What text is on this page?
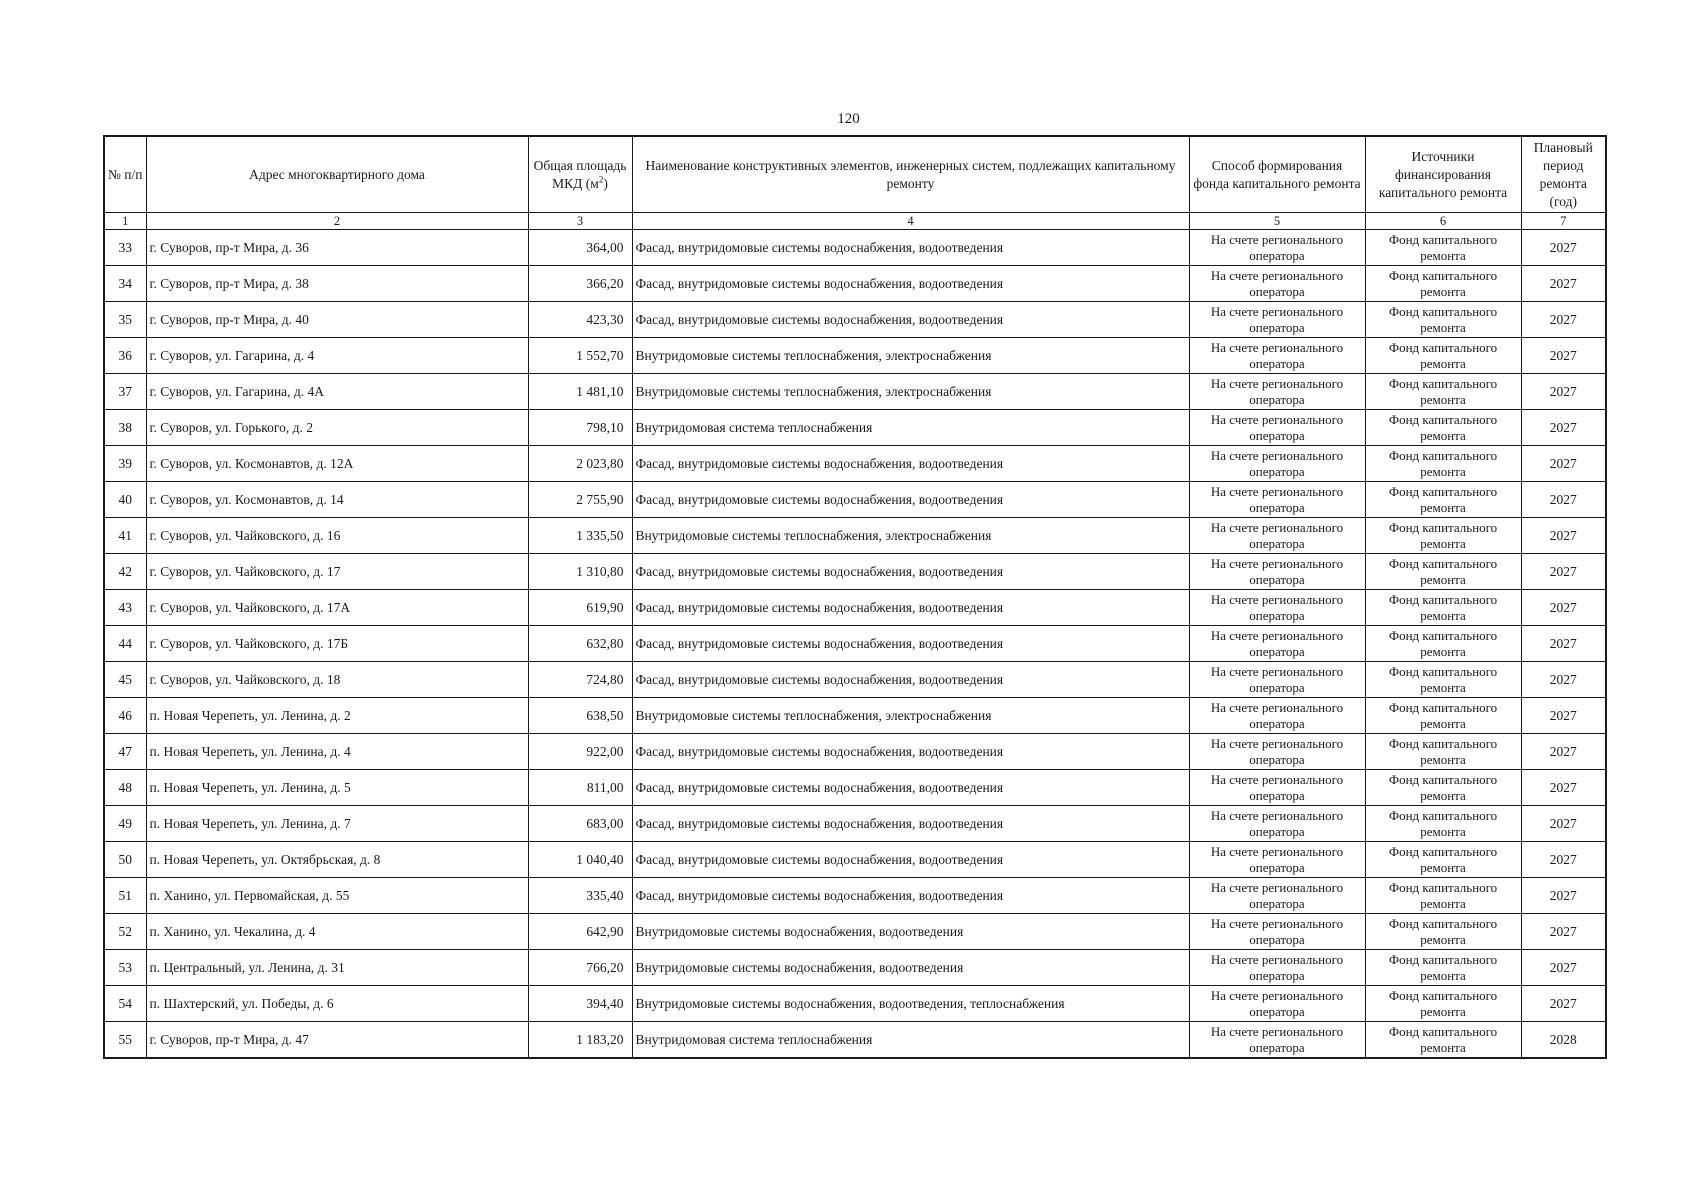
120
№ п/п	Адрес многоквартирного дома	Общая площадь МКД $(м^2)$	Наименование конструктивных элементов, инженерных систем, подлежащих капитальному ремонту	Способ формирования фонда капитального ремонта	Источники финансирования капитального ремонта	Плановый период ремонта (год)
1	2	3	4	5	6	7
33	г. Суворов, пр-т Мира, д. 36	364,00	Фасад, внутридомовые системы водоснабжения, водоотведения	На счете регионального оператора	Фонд капитального ремонта	2027
34	г. Суворов, пр-т Мира, д. 38	366,20	Фасад, внутридомовые системы водоснабжения, водоотведения	На счете регионального оператора	Фонд капитального ремонта	2027
35	г. Суворов, пр-т Мира, д. 40	423,30	Фасад, внутридомовые системы водоснабжения, водоотведения	На счете регионального оператора	Фонд капитального ремонта	2027
36	г. Суворов, ул. Гагарина, д. 4	1 552,70	Внутридомовые системы теплоснабжения, электроснабжения	На счете регионального оператора	Фонд капитального ремонта	2027
37	г. Суворов, ул. Гагарина, д. 4А	1 481,10	Внутридомовые системы теплоснабжения, электроснабжения	На счете регионального оператора	Фонд капитального ремонта	2027
38	г. Суворов, ул. Горького, д. 2	798,10	Внутридомовая система теплоснабжения	На счете регионального оператора	Фонд капитального ремонта	2027
39	г. Суворов, ул. Космонавтов, д. 12А	2 023,80	Фасад, внутридомовые системы водоснабжения, водоотведения	На счете регионального оператора	Фонд капитального ремонта	2027
40	г. Суворов, ул. Космонавтов, д. 14	2 755,90	Фасад, внутридомовые системы водоснабжения, водоотведения	На счете регионального оператора	Фонд капитального ремонта	2027
41	г. Суворов, ул. Чайковского, д. 16	1 335,50	Внутридомовые системы теплоснабжения, электроснабжения	На счете регионального оператора	Фонд капитального ремонта	2027
42	г. Суворов, ул. Чайковского, д. 17	1 310,80	Фасад, внутридомовые системы водоснабжения, водоотведения	На счете регионального оператора	Фонд капитального ремонта	2027
43	г. Суворов, ул. Чайковского, д. 17А	619,90	Фасад, внутридомовые системы водоснабжения, водоотведения	На счете регионального оператора	Фонд капитального ремонта	2027
44	г. Суворов, ул. Чайковского, д. 17Б	632,80	Фасад, внутридомовые системы водоснабжения, водоотведения	На счете регионального оператора	Фонд капитального ремонта	2027
45	г. Суворов, ул. Чайковского, д. 18	724,80	Фасад, внутридомовые системы водоснабжения, водоотведения	На счете регионального оператора	Фонд капитального ремонта	2027
46	п. Новая Черепеть, ул. Ленина, д. 2	638,50	Внутридомовые системы теплоснабжения, электроснабжения	На счете регионального оператора	Фонд капитального ремонта	2027
47	п. Новая Черепеть, ул. Ленина, д. 4	922,00	Фасад, внутридомовые системы водоснабжения, водоотведения	На счете регионального оператора	Фонд капитального ремонта	2027
48	п. Новая Черепеть, ул. Ленина, д. 5	811,00	Фасад, внутридомовые системы водоснабжения, водоотведения	На счете регионального оператора	Фонд капитального ремонта	2027
49	п. Новая Черепеть, ул. Ленина, д. 7	683,00	Фасад, внутридомовые системы водоснабжения, водоотведения	На счете регионального оператора	Фонд капитального ремонта	2027
50	п. Новая Черепеть, ул. Октябрьская, д. 8	1 040,40	Фасад, внутридомовые системы водоснабжения, водоотведения	На счете регионального оператора	Фонд капитального ремонта	2027
51	п. Ханино, ул. Первомайская, д. 55	335,40	Фасад, внутридомовые системы водоснабжения, водоотведения	На счете регионального оператора	Фонд капитального ремонта	2027
52	п. Ханино, ул. Чекалина, д. 4	642,90	Внутридомовые системы водоснабжения, водоотведения	На счете регионального оператора	Фонд капитального ремонта	2027
53	п. Центральный, ул. Ленина, д. 31	766,20	Внутридомовые системы водоснабжения, водоотведения	На счете регионального оператора	Фонд капитального ремонта	2027
54	п. Шахтерский, ул. Победы, д. 6	394,40	Внутридомовые системы водоснабжения, водоотведения, теплоснабжения	На счете регионального оператора	Фонд капитального ремонта	2027
55	г. Суворов, пр-т Мира, д. 47	1 183,20	Внутридомовая система теплоснабжения	На счете регионального оператора	Фонд капитального ремонта	2028
